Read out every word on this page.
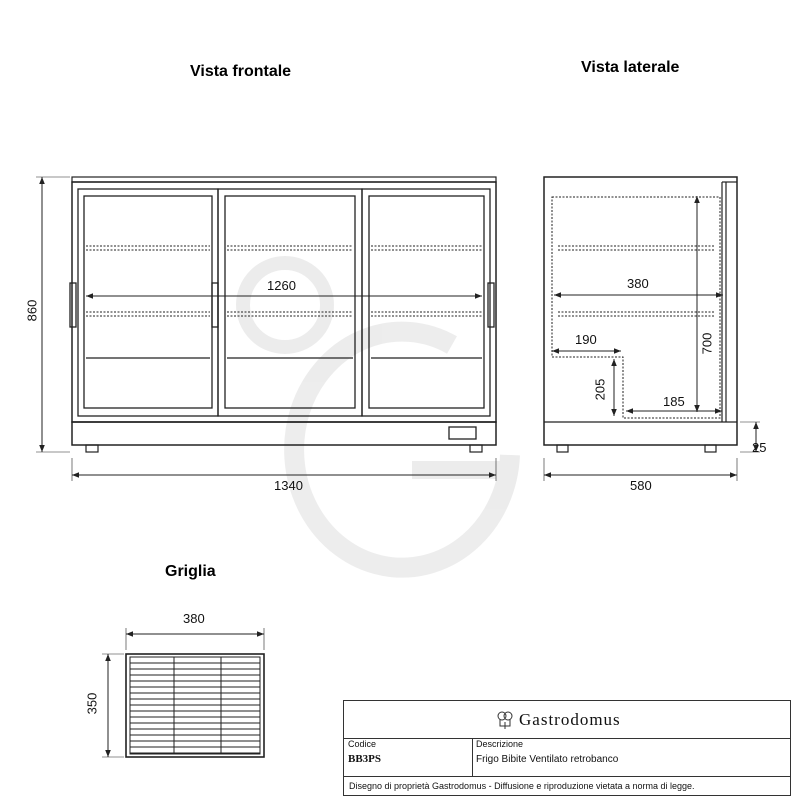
Vista frontale	Vista laterale
Griglia
1260
860
1340
380
700
190
205
185
25
580
380
350
Gastrodomus
Codice
BB3PS
Descrizione
Frigo Bibite Ventilato retrobanco
Disegno di proprietà Gastrodomus - Diffusione e riproduzione vietata a norma di legge.
